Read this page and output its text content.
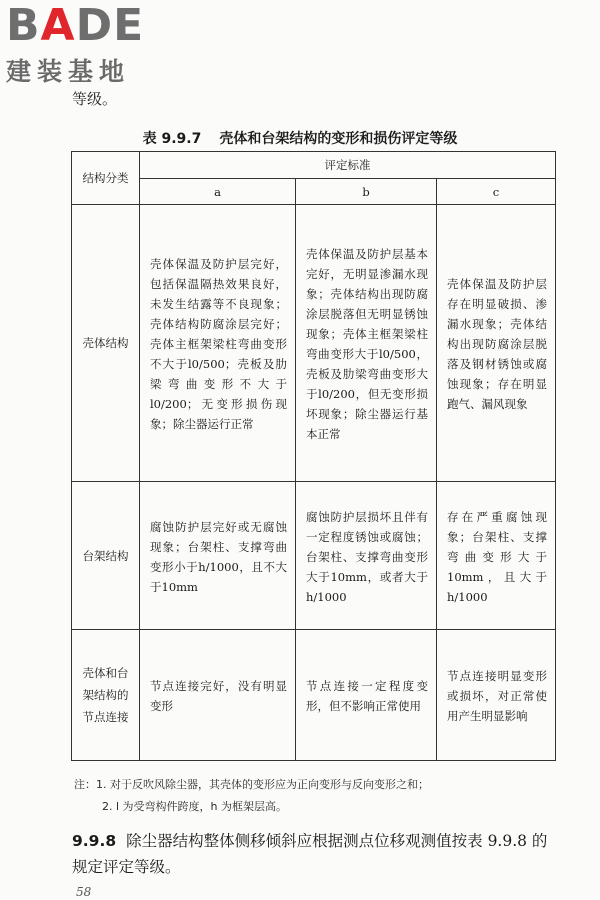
BADE
建装基地
等级。
表 9.9.7 壳体和台架结构的变形和损伤评定等级
结构分类	评定标准		
	a	b	c
壳体结构	壳体保温及防护层完好，包括保温隔热效果良好，未发生结露等不良现象；壳体结构防腐涂层完好；壳体主框架梁柱弯曲变形不大于l0/500；壳板及肋梁弯曲变形不大于l0/200；无变形损伤现象；除尘器运行正常	壳体保温及防护层基本完好，无明显渗漏水现象；壳体结构出现防腐涂层脱落但无明显锈蚀现象；壳体主框架梁柱弯曲变形大于l0/500，壳板及肋梁弯曲变形大于l0/200，但无变形损坏现象；除尘器运行基本正常	壳体保温及防护层存在明显破损、渗漏水现象；壳体结构出现防腐涂层脱落及钢材锈蚀或腐蚀现象；存在明显跑气、漏风现象
台架结构	腐蚀防护层完好或无腐蚀现象；台架柱、支撑弯曲变形小于h/1000，且不大于10mm	腐蚀防护层损坏且伴有一定程度锈蚀或腐蚀；台架柱、支撑弯曲变形大于10mm，或者大于h/1000	存在严重腐蚀现象；台架柱、支撑弯曲变形大于10mm，且大于h/1000
壳体和台架结构的节点连接	节点连接完好，没有明显变形	节点连接一定程度变形，但不影响正常使用	节点连接明显变形或损坏，对正常使用产生明显影响
注：1. 对于反吹风除尘器，其壳体的变形应为正向变形与反向变形之和；
2. l 为受弯构件跨度，h 为框架层高。
9.9.8 除尘器结构整体侧移倾斜应根据测点位移观测值按表 9.9.8 的规定评定等级。
58
